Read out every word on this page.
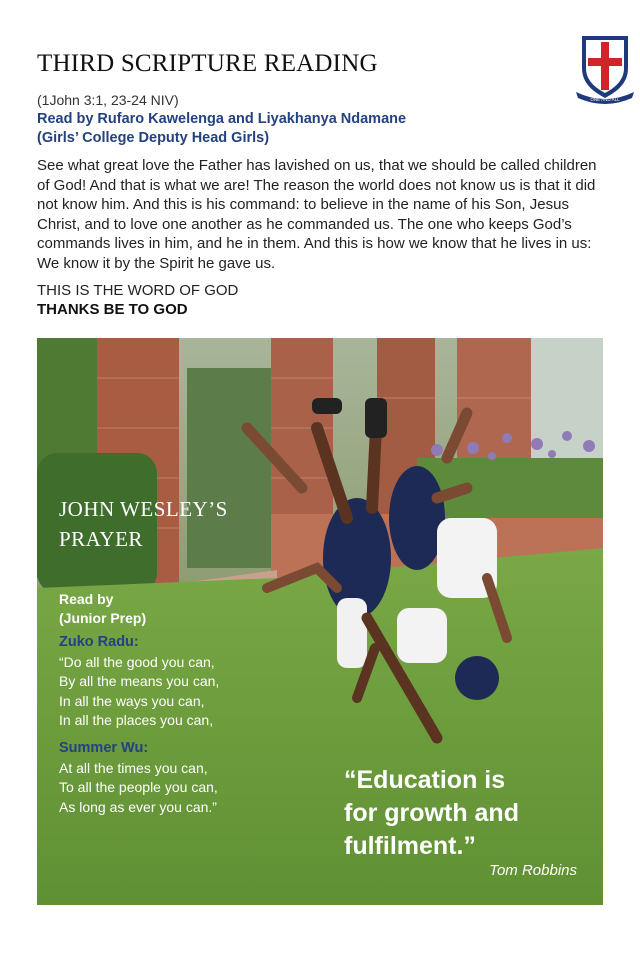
THIRD SCRIPTURE READING
ONE AND ALL
(1John 3:1, 23-24 NIV)
Read by Rufaro Kawelenga and Liyakhanya Ndamane
(Girls’ College Deputy Head Girls)
See what great love the Father has lavished on us, that we should be called children of God! And that is what we are! The reason the world does not know us is that it did not know him. And this is his command: to believe in the name of his Son, Jesus Christ, and to love one another as he commanded us. The one who keeps God’s commands lives in him, and he in them. And this is how we know that he lives in us: We know it by the Spirit he gave us.
THIS IS THE WORD OF GOD
THANKS BE TO GOD
JOHN WESLEY’S
PRAYER
Read by
(Junior Prep)
Zuko Radu:
“Do all the good you can,
By all the means you can,
In all the ways you can,
In all the places you can,
Summer Wu:
At all the times you can,
To all the people you can,
As long as ever you can.”
“Education is
for growth and
fulfilment.”
Tom Robbins
